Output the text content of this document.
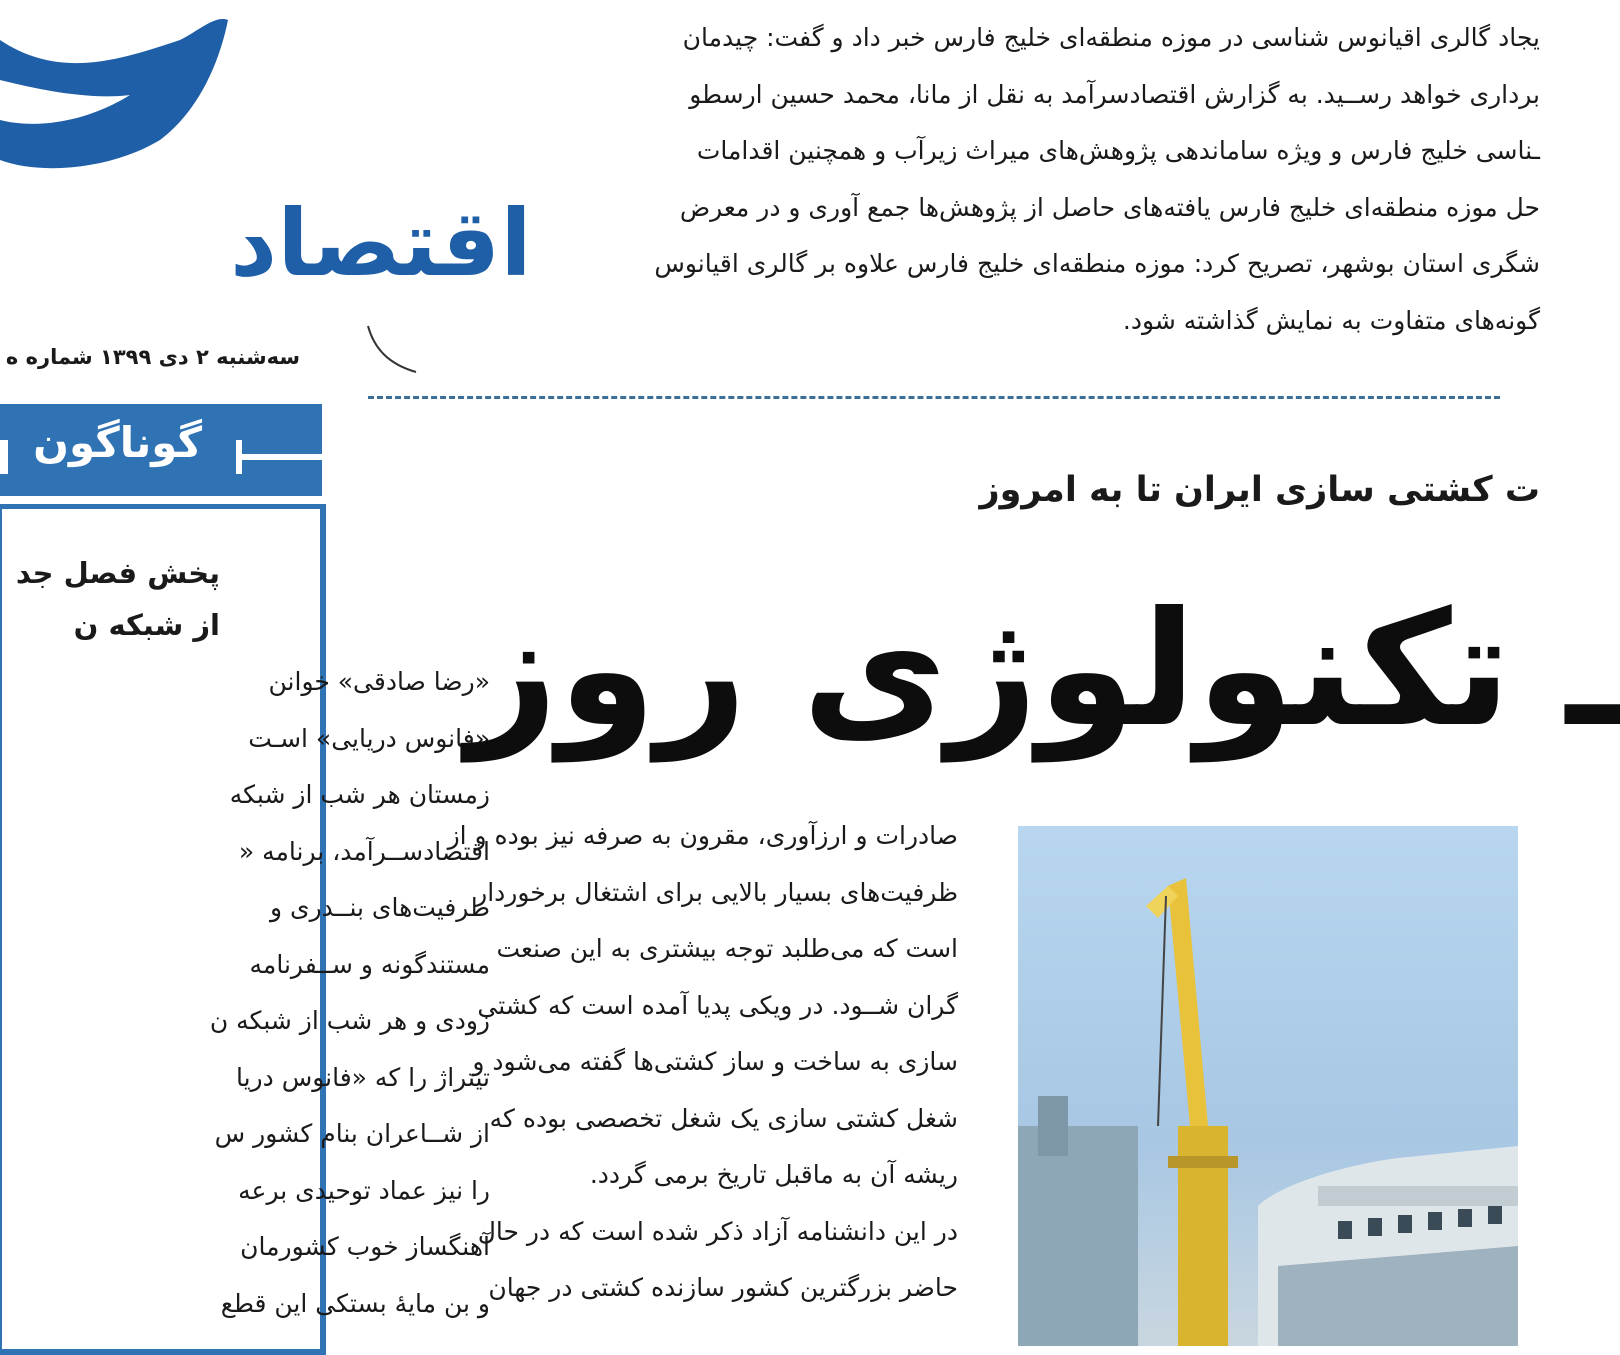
اقتصاد
سه‌شنبه ۲ دی ۱۳۹۹ شماره ه
گوناگون
پخش فصل جد
از شبکه ن
«رضا صادقی» خوانن
«فانوس دریایی» اسـت
زمستان هر شب از شبکه
اقتصادســرآمد، برنامه «
ظرفیت‌های بنــدری و
مستندگونه و ســفرنامه
زودی و هر شب از شبکه ن
تیتراژ را که «فانوس دریا
از شــاعران بنام کشور س
را نیز عماد توحیدی برعه
آهنگساز خوب کشورمان
و بن مایهٔ بستکی این قطع
یجاد گالری اقیانوس شناسی در موزه منطقه‌ای خلیج فارس خبر داد و گفت: چیدمان
برداری خواهد رســید. به گزارش اقتصادسرآمد به نقل از مانا، محمد حسین ارسطو
ـناسی خلیج فارس و ویژه ساماندهی پژوهش‌های میراث زیرآب و همچنین اقدامات
حل موزه منطقه‌ای خلیج فارس یافته‌های حاصل از پژوهش‌ها جمع آوری و در معرض
شگری استان بوشهر، تصریح کرد: موزه منطقه‌ای خلیج فارس علاوه بر گالری اقیانوس
گونه‌های متفاوت به نمایش گذاشته شود.
ت کشتی سازی ایران تا به امروز
ـ تکنولوژی روز
صادرات و ارزآوری، مقرون به صرفه نیز بوده و از
ظرفیت‌های بسیار بالایی برای اشتغال برخوردار
است که می‌طلبد توجه بیشتری به این صنعت
گران شــود. در ویکی پدیا آمده است که کشتی
سازی به ساخت و ساز کشتی‌ها گفته می‌شود و
شغل کشتی سازی یک شغل تخصصی بوده که
ریشه آن به ماقبل تاریخ برمی گردد.
در این دانشنامه آزاد ذکر شده است که در حال
حاضر بزرگترین کشور سازنده کشتی در جهان
